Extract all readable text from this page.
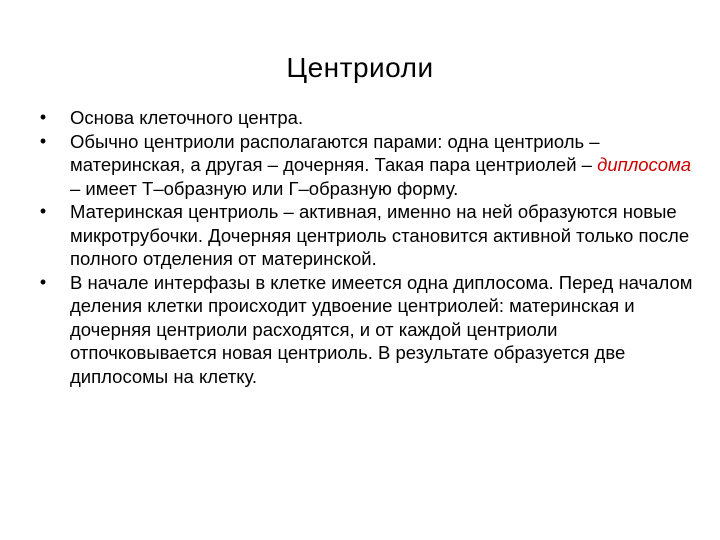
Центриоли
• Основа клеточного центра.
• Обычно центриоли располагаются парами: одна центриоль – материнская, а другая – дочерняя. Такая пара центриолей – диплосома – имеет Т–образную или Г–образную форму.
• Материнская центриоль – активная, именно на ней образуются новые микротрубочки. Дочерняя центриоль становится активной только после полного отделения от материнской.
• В начале интерфазы в клетке имеется одна диплосома. Перед началом деления клетки происходит удвоение центриолей: материнская и дочерняя центриоли расходятся, и от каждой центриоли отпочковывается новая центриоль. В результате образуется две диплосомы на клетку.
